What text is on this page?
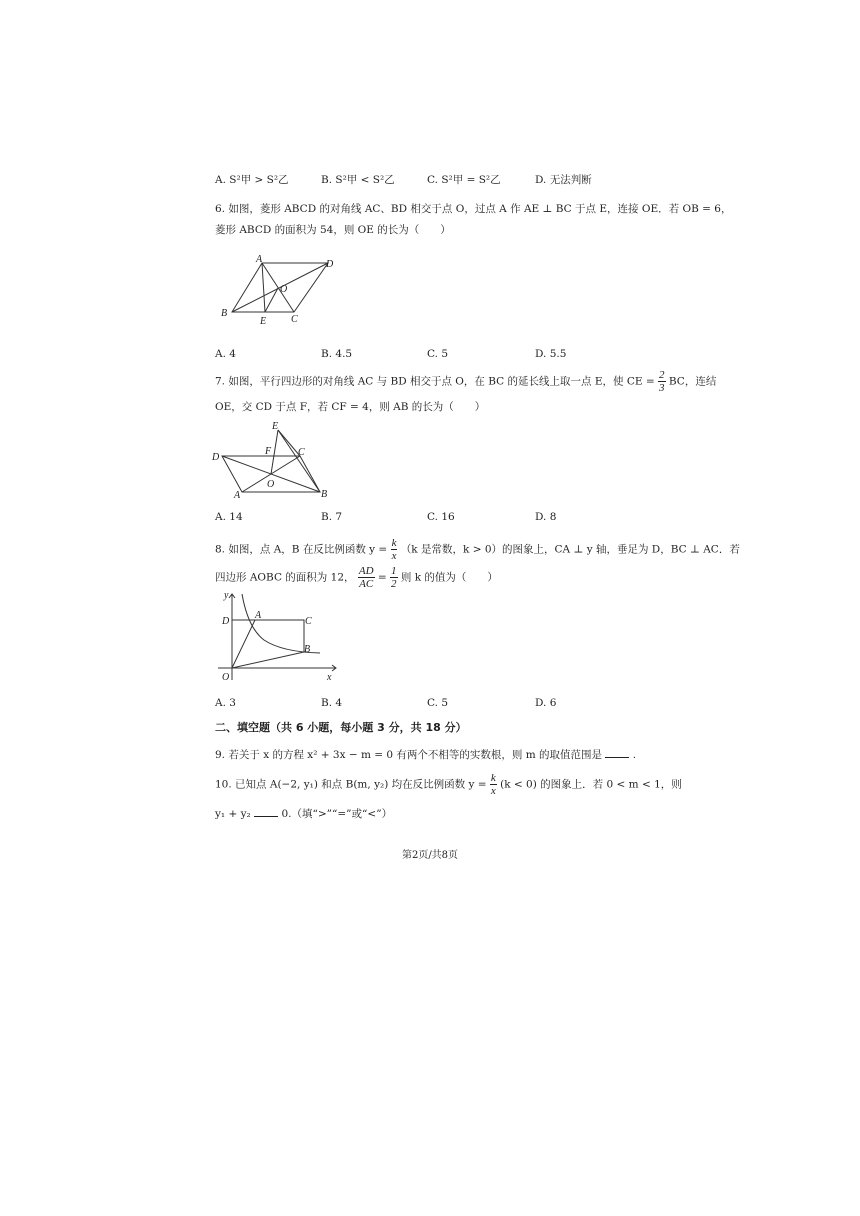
A. S²甲 > S²乙	B. S²甲 < S²乙	C. S²甲 = S²乙	D. 无法判断
6. 如图，菱形 ABCD 的对角线 AC、BD 相交于点 O，过点 A 作 AE ⊥ BC 于点 E，连接 OE．若 OB = 6，
菱形 ABCD 的面积为 54，则 OE 的长为（　　）
A	D
O
B
E C
A. 4	B. 4.5	C. 5	D. 5.5
7. 如图，平行四边形的对角线 AC 与 BD 相交于点 O，在 BC 的延长线上取一点 E，使 CE = $\frac{2}{3}$ BC，连结
OE，交 CD 于点 F，若 CF = 4，则 AB 的长为（　　）
E
D
F	C
O
A	B
A. 14	B. 7	C. 16	D. 8
8. 如图，点 A，B 在反比例函数 $y = \frac{k}{x} (k$ 是常数，k > 0）的图象上，CA ⊥ y 轴，垂足为 D，BC ⊥ AC．若
四边形 AOBC 的面积为 12， $\frac{AD}{AC} = \frac{1}{2}$ 则 k 的值为（　　）
y
D
A
C
B
O	x
A. 3	B. 4	C. 5	D. 6
二、填空题（共 6 小题，每小题 3 分，共 18 分）
9. 若关于 x 的方程 x² + 3x − m = 0 有两个不相等的实数根，则 m 的取值范围是	.
10. 已知点 A(−2, y₁) 和点 B(m, y₂) 均在反比例函数 $y = \frac{k}{x} (k < 0)$ 的图象上．若 0 < m < 1，则
y₁ + y₂	0.（填“>”“=”或“<”）
第2页/共8页
